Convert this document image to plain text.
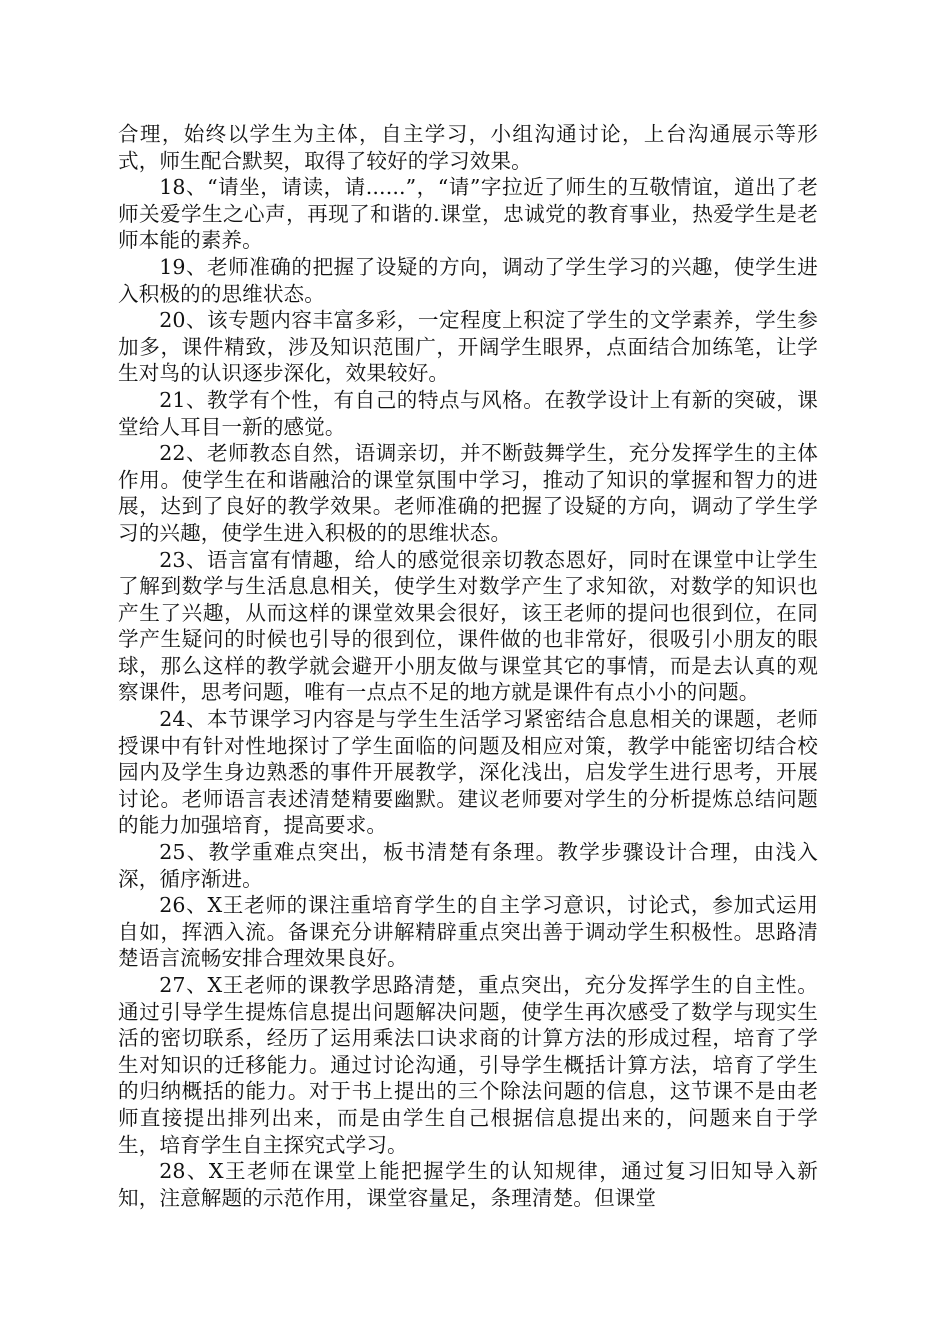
合理，始终以学生为主体，自主学习，小组沟通讨论，上台沟通展示等形式，师生配合默契，取得了较好的学习效果。

18、“请坐，请读，请......”，“请”字拉近了师生的互敬情谊，道出了老师关爱学生之心声，再现了和谐的.课堂，忠诚党的教育事业，热爱学生是老师本能的素养。

19、老师准确的把握了设疑的方向，调动了学生学习的兴趣，使学生进入积极的的思维状态。

20、该专题内容丰富多彩，一定程度上积淀了学生的文学素养，学生参加多，课件精致，涉及知识范围广，开阔学生眼界，点面结合加练笔，让学生对鸟的认识逐步深化，效果较好。

21、教学有个性，有自己的特点与风格。在教学设计上有新的突破，课堂给人耳目一新的感觉。

22、老师教态自然，语调亲切，并不断鼓舞学生，充分发挥学生的主体作用。使学生在和谐融洽的课堂氛围中学习，推动了知识的掌握和智力的进展，达到了良好的教学效果。老师准确的把握了设疑的方向，调动了学生学习的兴趣，使学生进入积极的的思维状态。

23、语言富有情趣，给人的感觉很亲切教态恩好，同时在课堂中让学生了解到数学与生活息息相关，使学生对数学产生了求知欲，对数学的知识也产生了兴趣，从而这样的课堂效果会很好，该王老师的提问也很到位，在同学产生疑问的时候也引导的很到位，课件做的也非常好，很吸引小朋友的眼球，那么这样的教学就会避开小朋友做与课堂其它的事情，而是去认真的观察课件，思考问题，唯有一点点不足的地方就是课件有点小小的问题。

24、本节课学习内容是与学生生活学习紧密结合息息相关的课题，老师授课中有针对性地探讨了学生面临的问题及相应对策，教学中能密切结合校园内及学生身边熟悉的事件开展教学，深化浅出，启发学生进行思考，开展讨论。老师语言表述清楚精要幽默。建议老师要对学生的分析提炼总结问题的能力加强培育，提高要求。

25、教学重难点突出，板书清楚有条理。教学步骤设计合理，由浅入深，循序渐进。

26、X王老师的课注重培育学生的自主学习意识，讨论式，参加式运用自如，挥洒入流。备课充分讲解精辟重点突出善于调动学生积极性。思路清楚语言流畅安排合理效果良好。

27、X王老师的课教学思路清楚，重点突出，充分发挥学生的自主性。通过引导学生提炼信息提出问题解决问题，使学生再次感受了数学与现实生活的密切联系，经历了运用乘法口诀求商的计算方法的形成过程，培育了学生对知识的迁移能力。通过讨论沟通，引导学生概括计算方法，培育了学生的归纳概括的能力。对于书上提出的三个除法问题的信息，这节课不是由老师直接提出排列出来，而是由学生自己根据信息提出来的，问题来自于学生，培育学生自主探究式学习。

28、X王老师在课堂上能把握学生的认知规律，通过复习旧知导入新知，注意解题的示范作用，课堂容量足，条理清楚。但课堂
